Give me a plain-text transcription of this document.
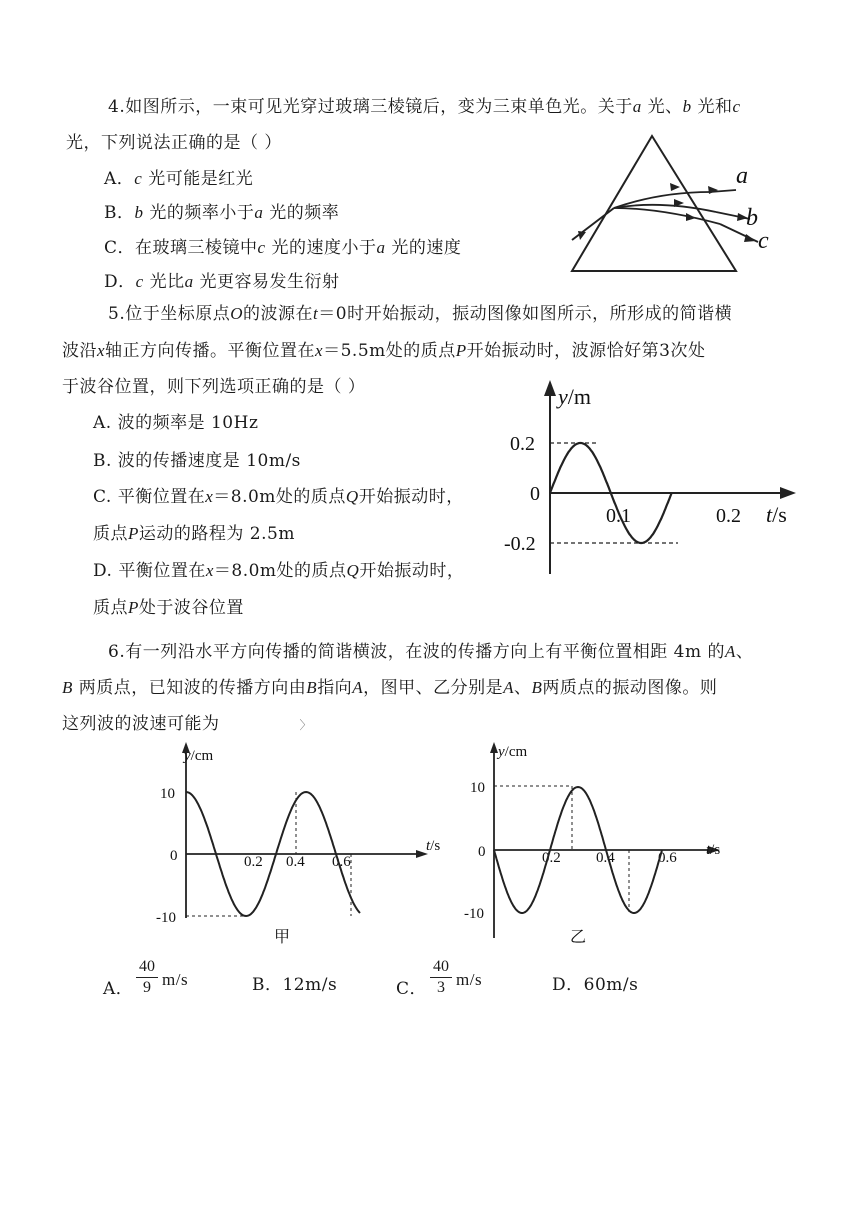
4.如图所示，一束可见光穿过玻璃三棱镜后，变为三束单色光。关于a 光、b 光和c
光，下列说法正确的是（ ）
A．c 光可能是红光
B．b 光的频率小于a 光的频率
C．在玻璃三棱镜中c 光的速度小于a 光的速度
D．c 光比a 光更容易发生衍射
a
b
c
5.位于坐标原点O的波源在t＝0时开始振动，振动图像如图所示，所形成的简谐横
波沿x轴正方向传播。平衡位置在x＝5.5m处的质点P开始振动时，波源恰好第3次处
于波谷位置，则下列选项正确的是（ ）
A. 波的频率是 10Hz
B. 波的传播速度是 10m/s
C. 平衡位置在x＝8.0m处的质点Q开始振动时，
质点P运动的路程为 2.5m
D. 平衡位置在x＝8.0m处的质点Q开始振动时，
质点P处于波谷位置
y/m
t/s
0
0.2
-0.2
0.1	0.2
6.有一列沿水平方向传播的简谐横波，在波的传播方向上有平衡位置相距 4m 的A、
B 两质点，已知波的传播方向由B指向A，图甲、乙分别是A、B两质点的振动图像。则
这列波的波速可能为	〉
y/cm
t/s
10
0
-10
0.2 0.4 0.6
甲
y/cm
t/s
10
0
-10
0.2 0.4	0.6
乙
A．
40
9 m/s	B．12m/s	C．
40
3 m/s	D．60m/s
